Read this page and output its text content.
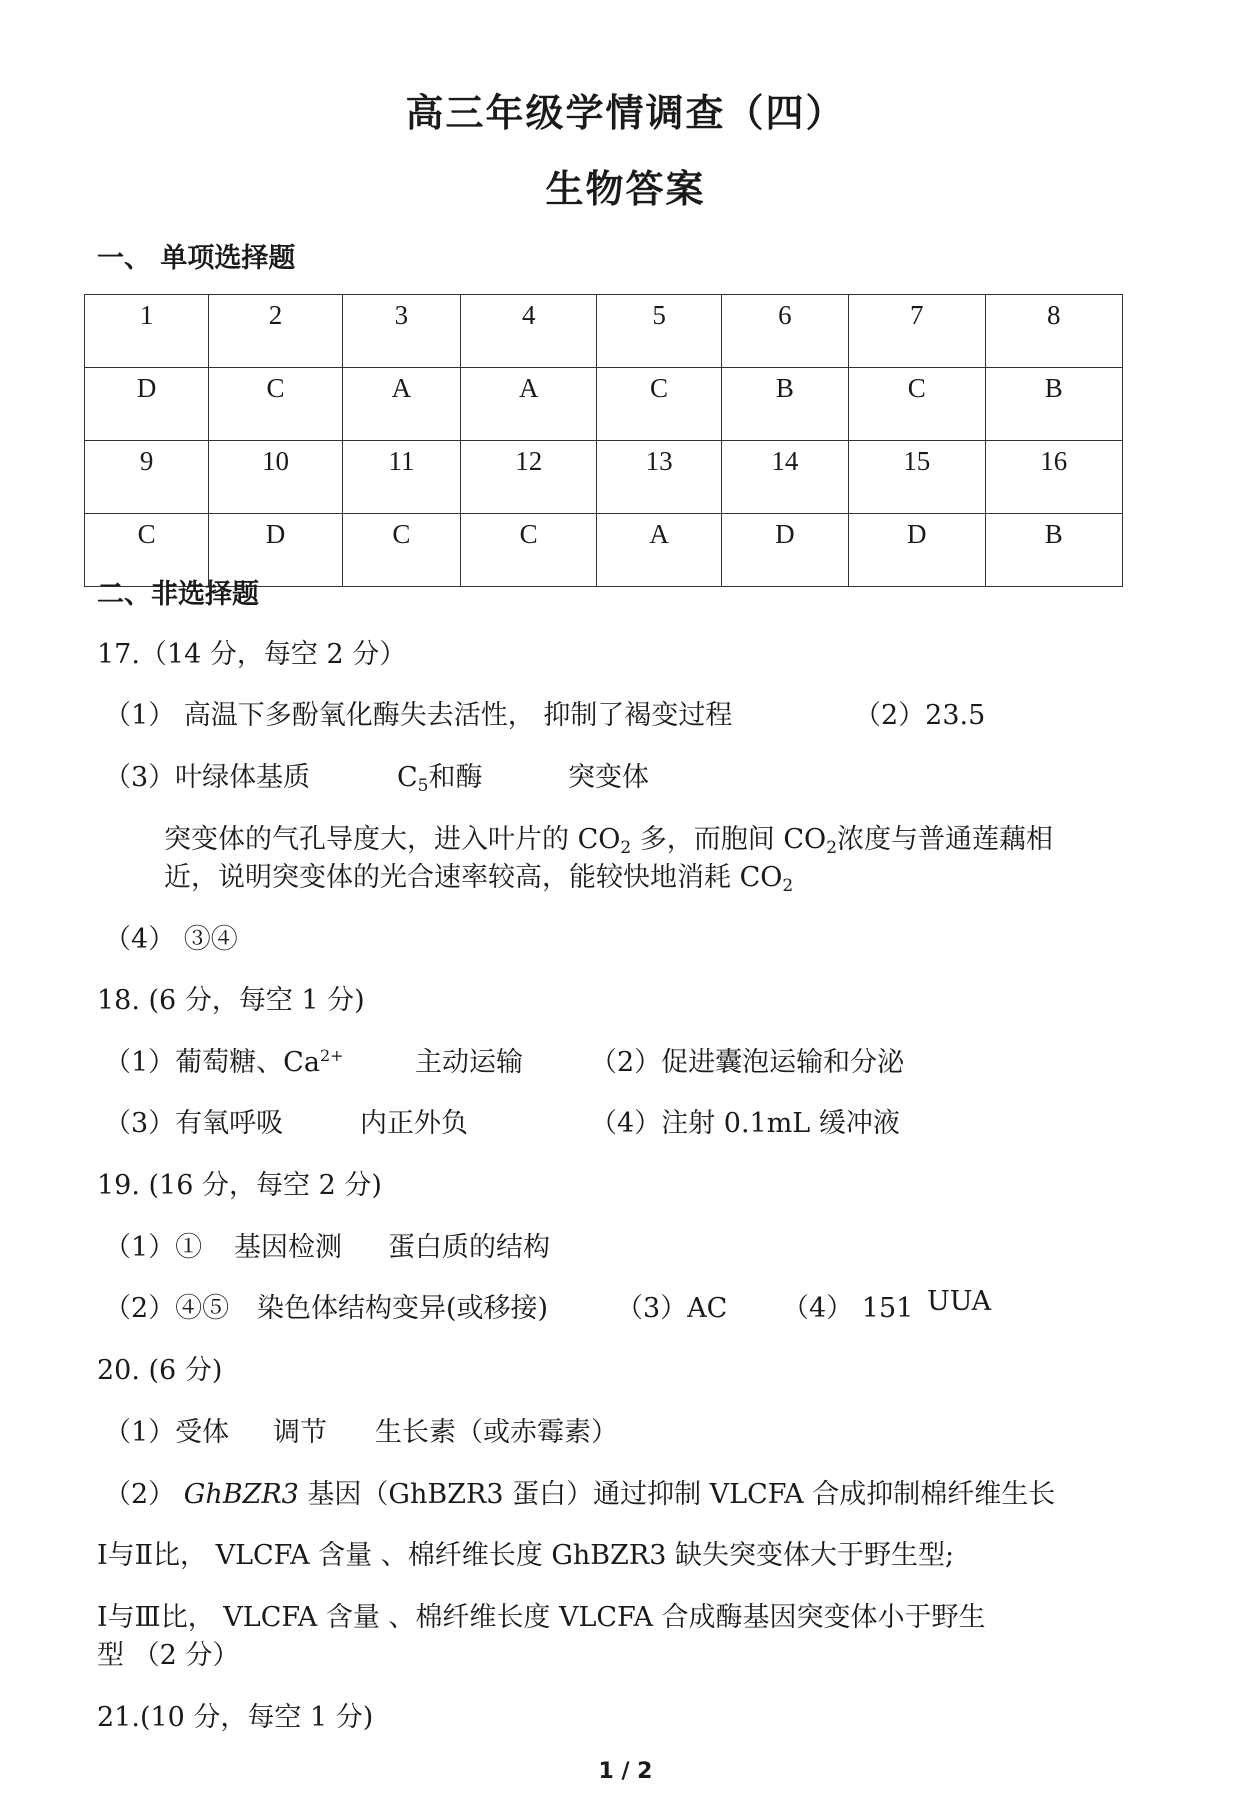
高三年级学情调查（四）
生物答案
一、 单项选择题
1	2	3	4	5	6	7	8
D	C	A	A	C	B	C	B
9	10	11	12	13	14	15	16
C	D	C	C	A	D	D	B
二、非选择题
17.（14 分，每空 2 分）
（1） 高温下多酚氧化酶失去活性， 抑制了褐变过程	（2）23.5
（3）叶绿体基质	$C_5$和酶	突变体
突变体的气孔导度大，进入叶片的 $CO_2$ 多，而胞间 $CO_2$浓度与普通莲藕相
近，说明突变体的光合速率较高，能较快地消耗 $CO_2$
（4） ③④
18. (6 分，每空 1 分)
（1）葡萄糖、$Ca^{2+}$	主动运输 （2）促进囊泡运输和分泌
（3）有氧呼吸	内正外负	（4）注射 0.1mL 缓冲液
19. (16 分，每空 2 分)
（1）① 基因检测 蛋白质的结构
（2）④⑤ 染色体结构变异(或移接)	（3）AC （4） 151 UUA
20. (6 分)
（1）受体 调节 生长素（或赤霉素）
（2） GhBZR3 基因（GhBZR3 蛋白）通过抑制 VLCFA 合成抑制棉纤维生长
Ⅰ与Ⅱ比， VLCFA 含量 、棉纤维长度 GhBZR3 缺失突变体大于野生型;
Ⅰ与Ⅲ比， VLCFA 含量 、棉纤维长度 VLCFA 合成酶基因突变体小于野生
型 （2 分）
21.(10 分，每空 1 分)
1 / 2
